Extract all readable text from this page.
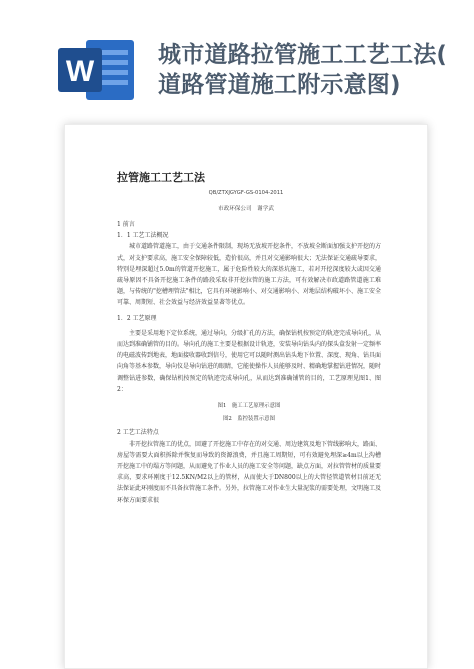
W	城市道路拉管施工工艺工法(
道路管道施工附示意图)
拉管施工工艺工法
QB/ZTXJGYGF-GS-0104-2011
市政环保公司　谢学武
1 前言
1．1 工艺工法概况

城市道路管道施工，由于交通条件限制，现场无放坡开挖条件，不放坡全断面加强支护开挖的方式，对支护要求高，施工安全保障较低，造价很高，并且对交通影响很大；无法保证交通疏导要求，特别是埋深超过5.0m的管道开挖施工，属于危险性较大的深基坑施工，若对开挖深度较大或因交通疏导原因不具备开挖施工条件的路段采取非开挖拉管的施工方法，可有效解决市政道路管道施工难题，与传统的"挖槽埋管法"相比，它具有环境影响小、对交通影响小、对地层结构破坏小、施工安全可靠、周期短、社会效益与经济效益显著等优点。

1．2 工艺原理

主要是采用地下定位系统，通过导向，分级扩孔的方法，确保钻机按预定的轨迹完成导向孔，从而达到准确铺管的目的。导向孔的施工主要是根据设计轨迹，安装导向钻头内的探头盒发射一定频率的电磁波传到地表，地面接收器收到信号，使用它可以随时测出钻头地下位置、深度、现角、钻具面向角等基本参数，导向仪是导向钻进的眼睛，它能使操作人员能够及时、精确地掌握钻进情况，随时调整钻进参数，确保钻机按预定的轨迹完成导向孔，从而达到准确铺管的目的，工艺原理见图1、图2：

图1　施工工艺原理示意图
图2　监控装置示意图
2 工艺工法特点

非开挖拉管施工的优点，回避了开挖施工中存在的对交通、周边建筑及地下管线影响大，路面、房屋等需要大面积拆除并恢复而导致的资源浪费，并且施工周期短，可有效避免埋深≥4m以上沟槽开挖施工中的塌方等问题，从而避免了作业人员的施工安全等问题，缺点方面，对拉管管材的质量要求高，要求环刚度于12.5KN/M2以上的管材，从而使大于DN800以上的大管径管道管材目前还无法保证此环刚度而不具备拉管施工条件。另外，拉管施工对作业生大量泥浆的需要处理，文明施工及环保方面要求很
